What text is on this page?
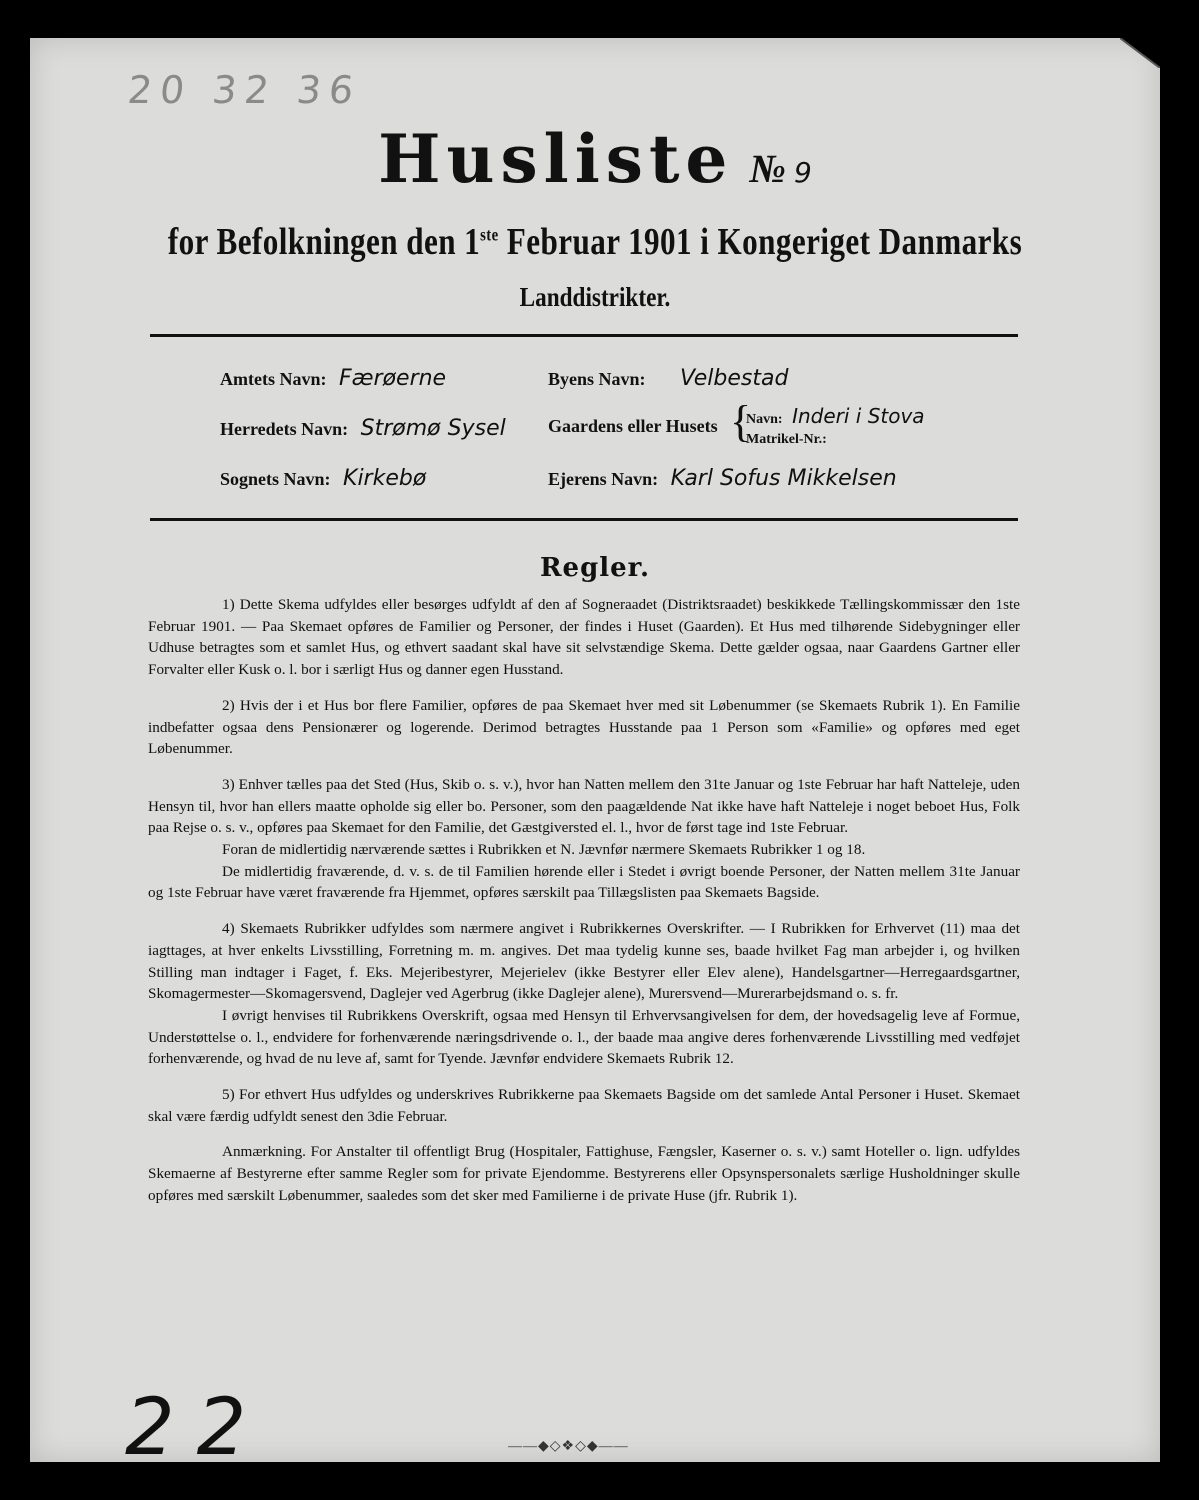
20 32 36
Husliste № 9
for Befolkningen den 1ste Februar 1901 i Kongeriget Danmarks
Landdistrikter.
Amtets Navn: Færøerne	Byens Navn: Velbestad
Herredets Navn: Strømø Sysel Gaardens eller Husets {
Navn: Inderi i Stova
Matrikel-Nr.:
Sognets Navn: Kirkebø	Ejerens Navn: Karl Sofus Mikkelsen
Regler.

1) Dette Skema udfyldes eller besørges udfyldt af den af Sogneraadet (Distriktsraadet) beskikkede Tællingskommissær den 1ste Februar 1901. — Paa Skemaet opføres de Familier og Personer, der findes i Huset (Gaarden). Et Hus med tilhørende Sidebygninger eller Udhuse betragtes som et samlet Hus, og ethvert saadant skal have sit selvstændige Skema. Dette gælder ogsaa, naar Gaardens Gartner eller Forvalter eller Kusk o. l. bor i særligt Hus og danner egen Husstand.

2) Hvis der i et Hus bor flere Familier, opføres de paa Skemaet hver med sit Løbenummer (se Skemaets Rubrik 1). En Familie indbefatter ogsaa dens Pensionærer og logerende. Derimod betragtes Husstande paa 1 Person som «Familie» og opføres med eget Løbenummer.

3) Enhver tælles paa det Sted (Hus, Skib o. s. v.), hvor han Natten mellem den 31te Januar og 1ste Februar har haft Natteleje, uden Hensyn til, hvor han ellers maatte opholde sig eller bo. Personer, som den paagældende Nat ikke have haft Natteleje i noget beboet Hus, Folk paa Rejse o. s. v., opføres paa Skemaet for den Familie, det Gæstgiversted el. l., hvor de først tage ind 1ste Februar.

Foran de midlertidig nærværende sættes i Rubrikken et N. Jævnfør nærmere Skemaets Rubrikker 1 og 18.

De midlertidig fraværende, d. v. s. de til Familien hørende eller i Stedet i øvrigt boende Personer, der Natten mellem 31te Januar og 1ste Februar have været fraværende fra Hjemmet, opføres særskilt paa Tillægslisten paa Skemaets Bagside.

4) Skemaets Rubrikker udfyldes som nærmere angivet i Rubrikkernes Overskrifter. — I Rubrikken for Erhvervet (11) maa det iagttages, at hver enkelts Livsstilling, Forretning m. m. angives. Det maa tydelig kunne ses, baade hvilket Fag man arbejder i, og hvilken Stilling man indtager i Faget, f. Eks. Mejeribestyrer, Mejerielev (ikke Bestyrer eller Elev alene), Handelsgartner—Herregaardsgartner, Skomagermester—Skomagersvend, Daglejer ved Agerbrug (ikke Daglejer alene), Murersvend—Murerarbejdsmand o. s. fr.

I øvrigt henvises til Rubrikkens Overskrift, ogsaa med Hensyn til Erhvervsangivelsen for dem, der hovedsagelig leve af Formue, Understøttelse o. l., endvidere for forhenværende næringsdrivende o. l., der baade maa angive deres forhenværende Livsstilling med vedføjet forhenværende, og hvad de nu leve af, samt for Tyende. Jævnfør endvidere Skemaets Rubrik 12.

5) For ethvert Hus udfyldes og underskrives Rubrikkerne paa Skemaets Bagside om det samlede Antal Personer i Huset. Skemaet skal være færdig udfyldt senest den 3die Februar.

Anmærkning. For Anstalter til offentligt Brug (Hospitaler, Fattighuse, Fængsler, Kaserner o. s. v.) samt Hoteller o. lign. udfyldes Skemaerne af Bestyrerne efter samme Regler som for private Ejendomme. Bestyrerens eller Opsynspersonalets særlige Husholdninger skulle opføres med særskilt Løbenummer, saaledes som det sker med Familierne i de private Huse (jfr. Rubrik 1).

——◆◇❖◇◆——
22
